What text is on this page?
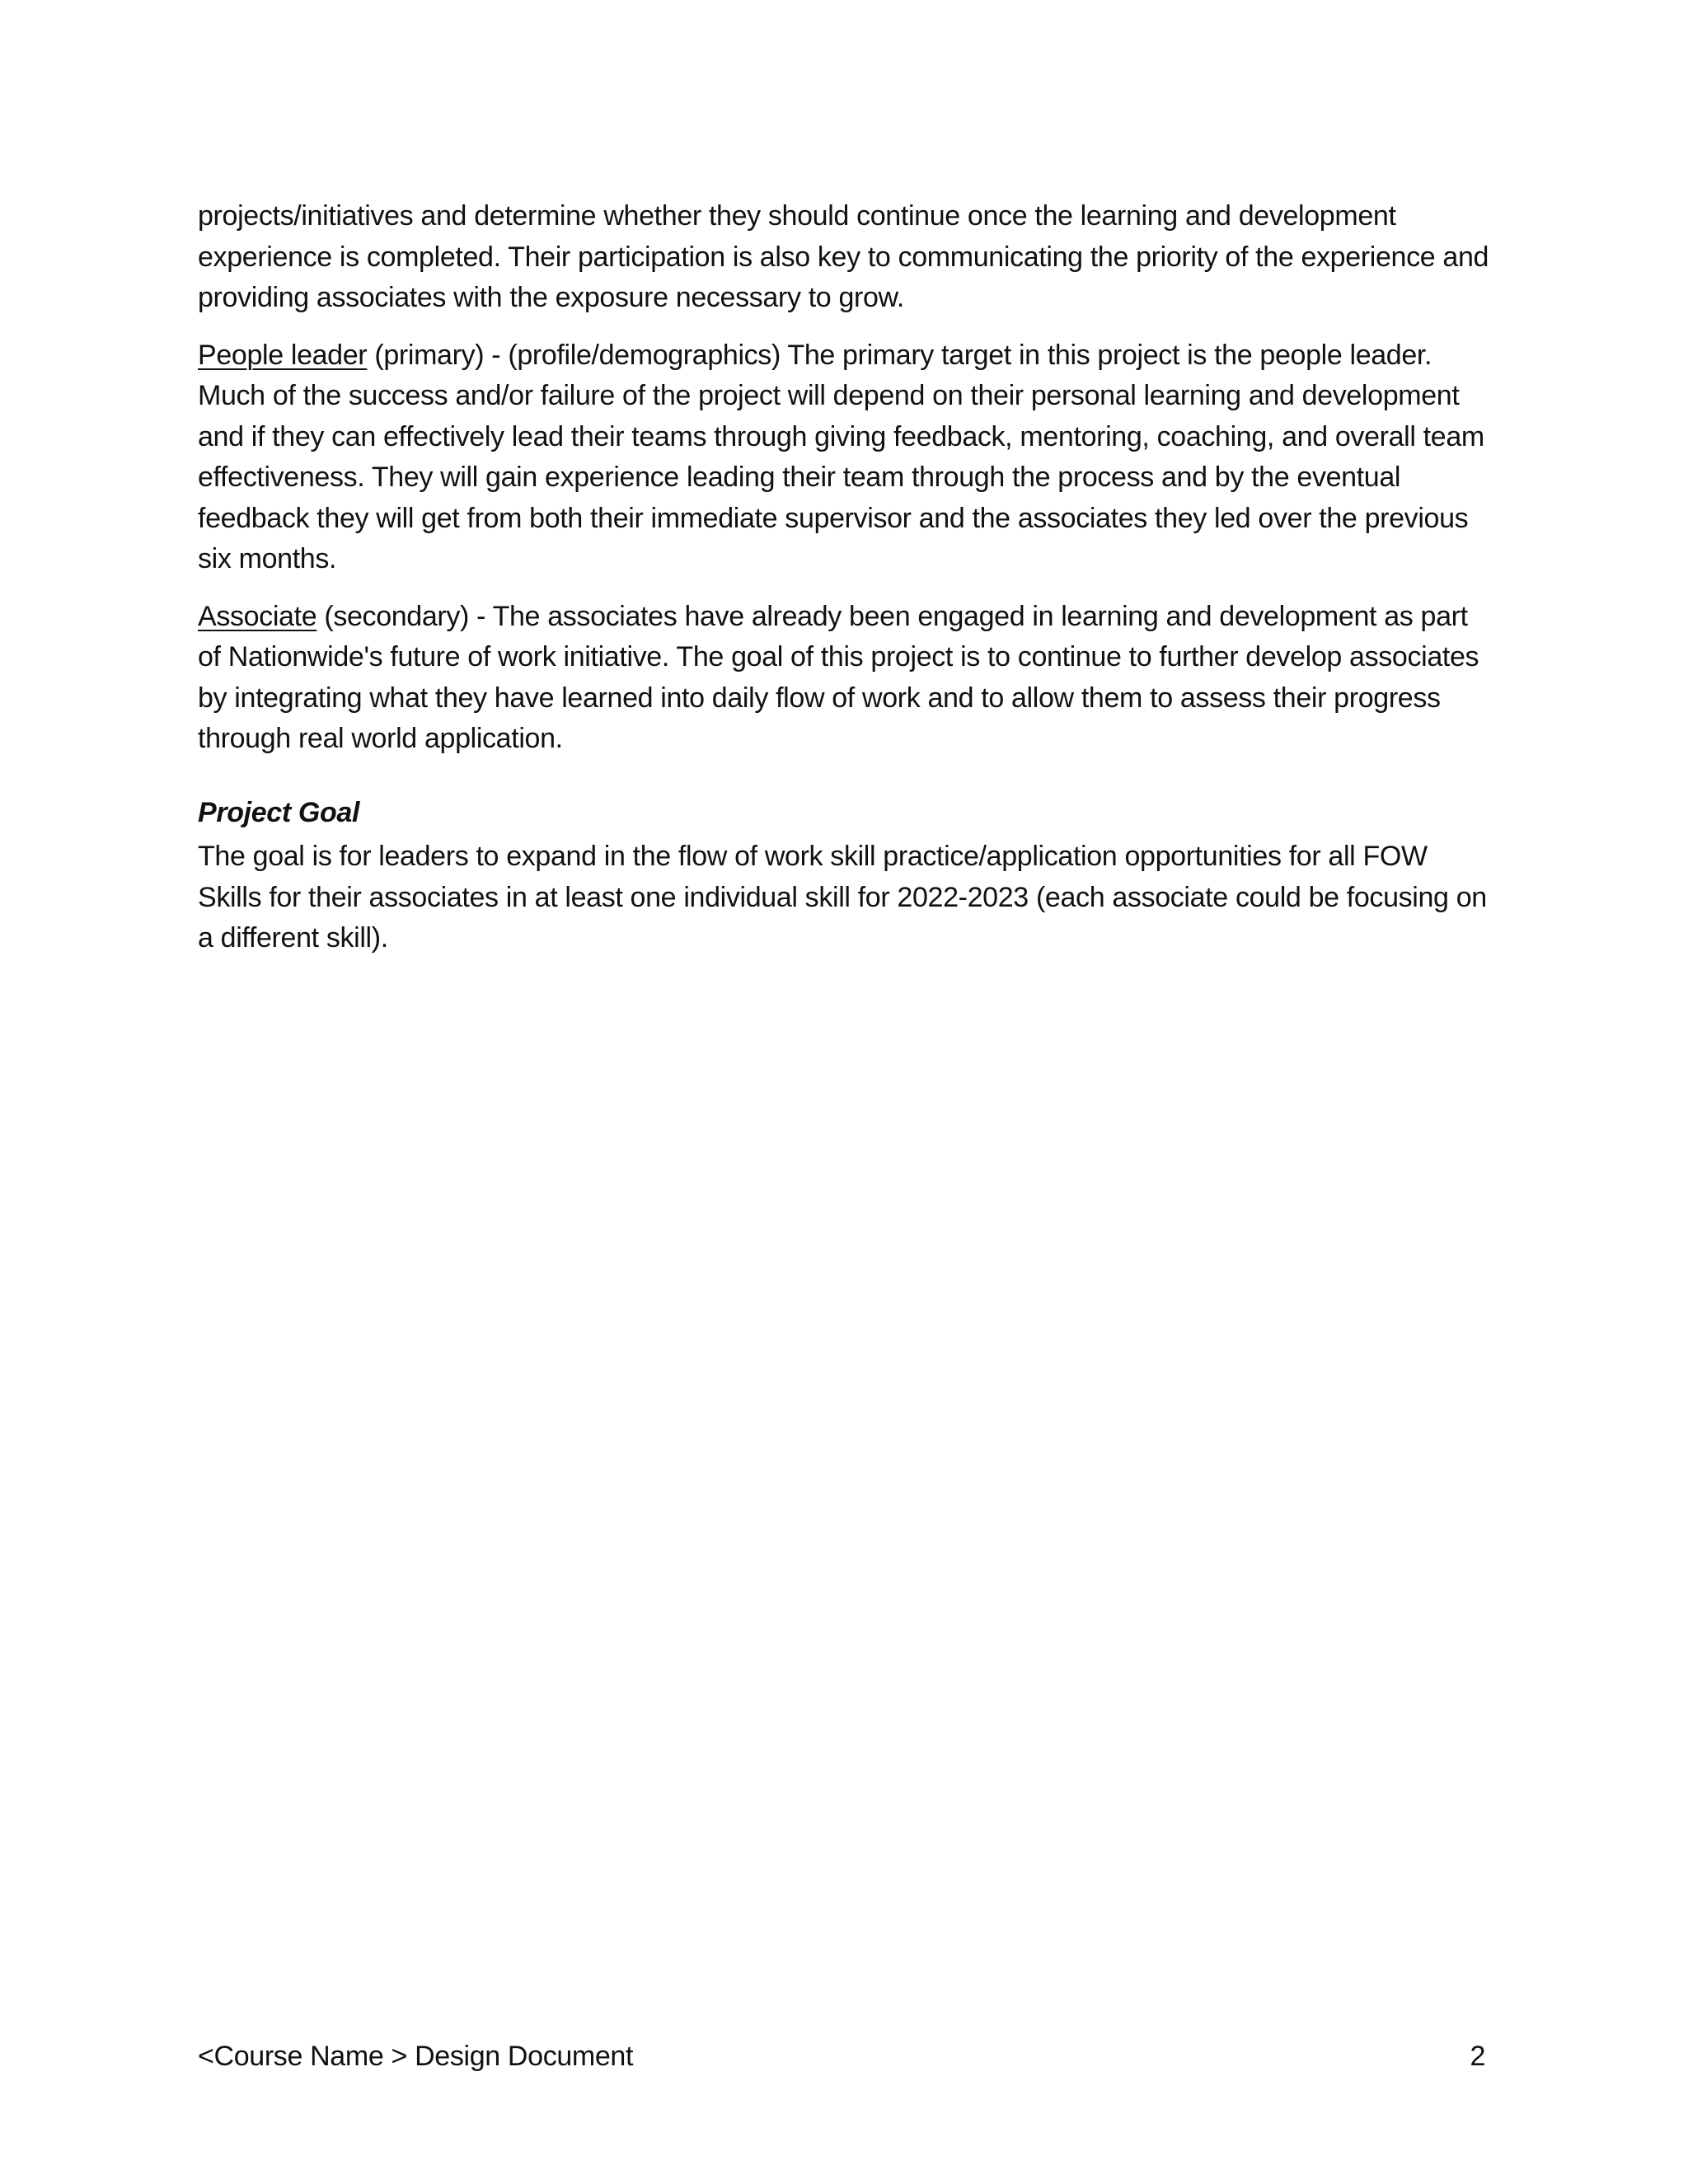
projects/initiatives and determine whether they should continue once the learning and development experience is completed. Their participation is also key to communicating the priority of the experience and providing associates with the exposure necessary to grow.

People leader (primary) - (profile/demographics) The primary target in this project is the people leader. Much of the success and/or failure of the project will depend on their personal learning and development and if they can effectively lead their teams through giving feedback, mentoring, coaching, and overall team effectiveness. They will gain experience leading their team through the process and by the eventual feedback they will get from both their immediate supervisor and the associates they led over the previous six months.

Associate (secondary) - The associates have already been engaged in learning and development as part of Nationwide's future of work initiative. The goal of this project is to continue to further develop associates by integrating what they have learned into daily flow of work and to allow them to assess their progress through real world application.

Project Goal

The goal is for leaders to expand in the flow of work skill practice/application opportunities for all FOW Skills for their associates in at least one individual skill for 2022-2023 (each associate could be focusing on a different skill).

<Course Name > Design Document	2
